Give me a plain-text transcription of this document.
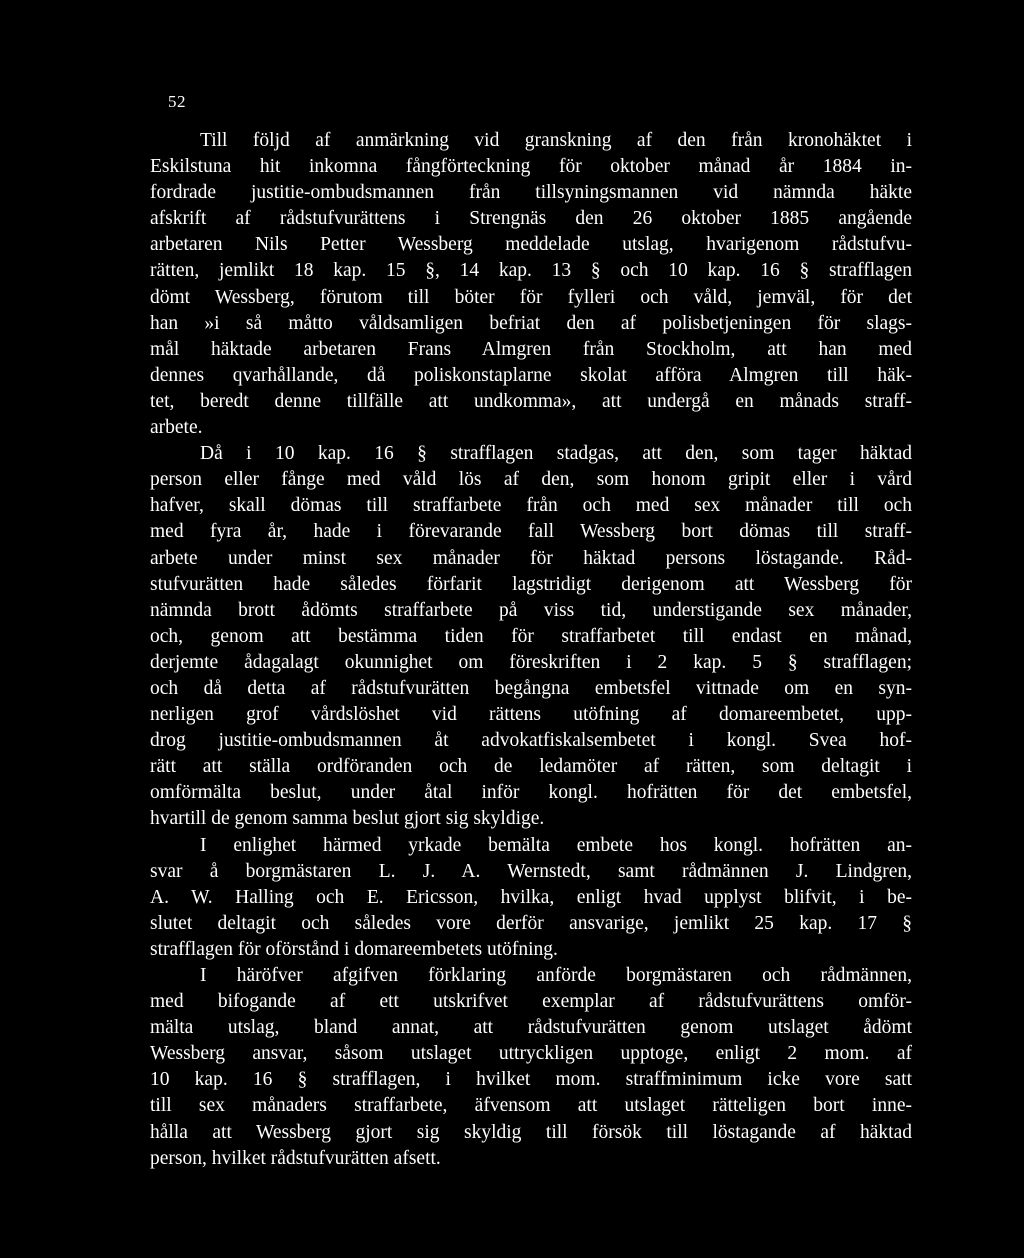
52
Till följd af anmärkning vid granskning af den från kronohäktet i
Eskilstuna hit inkomna fångförteckning för oktober månad år 1884 in-
fordrade justitie-ombudsmannen från tillsyningsmannen vid nämnda häkte
afskrift af rådstufvurättens i Strengnäs den 26 oktober 1885 angående
arbetaren Nils Petter Wessberg meddelade utslag, hvarigenom rådstufvu-
rätten, jemlikt 18 kap. 15 §, 14 kap. 13 § och 10 kap. 16 § strafflagen
dömt Wessberg, förutom till böter för fylleri och våld, jemväl, för det
han »i så måtto våldsamligen befriat den af polisbetjeningen för slags-
mål häktade arbetaren Frans Almgren från Stockholm, att han med
dennes qvarhållande, då poliskonstaplarne skolat afföra Almgren till häk-
tet, beredt denne tillfälle att undkomma», att undergå en månads straff-
arbete.
Då i 10 kap. 16 § strafflagen stadgas, att den, som tager häktad
person eller fånge med våld lös af den, som honom gripit eller i vård
hafver, skall dömas till straffarbete från och med sex månader till och
med fyra år, hade i förevarande fall Wessberg bort dömas till straff-
arbete under minst sex månader för häktad persons löstagande. Råd-
stufvurätten hade således förfarit lagstridigt derigenom att Wessberg för
nämnda brott ådömts straffarbete på viss tid, understigande sex månader,
och, genom att bestämma tiden för straffarbetet till endast en månad,
derjemte ådagalagt okunnighet om föreskriften i 2 kap. 5 § strafflagen;
och då detta af rådstufvurätten begångna embetsfel vittnade om en syn-
nerligen grof vårdslöshet vid rättens utöfning af domareembetet, upp-
drog justitie-ombudsmannen åt advokatfiskalsembetet i kongl. Svea hof-
rätt att ställa ordföranden och de ledamöter af rätten, som deltagit i
omförmälta beslut, under åtal inför kongl. hofrätten för det embetsfel,
hvartill de genom samma beslut gjort sig skyldige.
I enlighet härmed yrkade bemälta embete hos kongl. hofrätten an-
svar å borgmästaren L. J. A. Wernstedt, samt rådmännen J. Lindgren,
A. W. Halling och E. Ericsson, hvilka, enligt hvad upplyst blifvit, i be-
slutet deltagit och således vore derför ansvarige, jemlikt 25 kap. 17 §
strafflagen för oförstånd i domareembetets utöfning.
I häröfver afgifven förklaring anförde borgmästaren och rådmännen,
med bifogande af ett utskrifvet exemplar af rådstufvurättens omför-
mälta utslag, bland annat, att rådstufvurätten genom utslaget ådömt
Wessberg ansvar, såsom utslaget uttryckligen upptoge, enligt 2 mom. af
10 kap. 16 § strafflagen, i hvilket mom. straffminimum icke vore satt
till sex månaders straffarbete, äfvensom att utslaget rätteligen bort inne-
hålla att Wessberg gjort sig skyldig till försök till löstagande af häktad
person, hvilket rådstufvurätten afsett.
